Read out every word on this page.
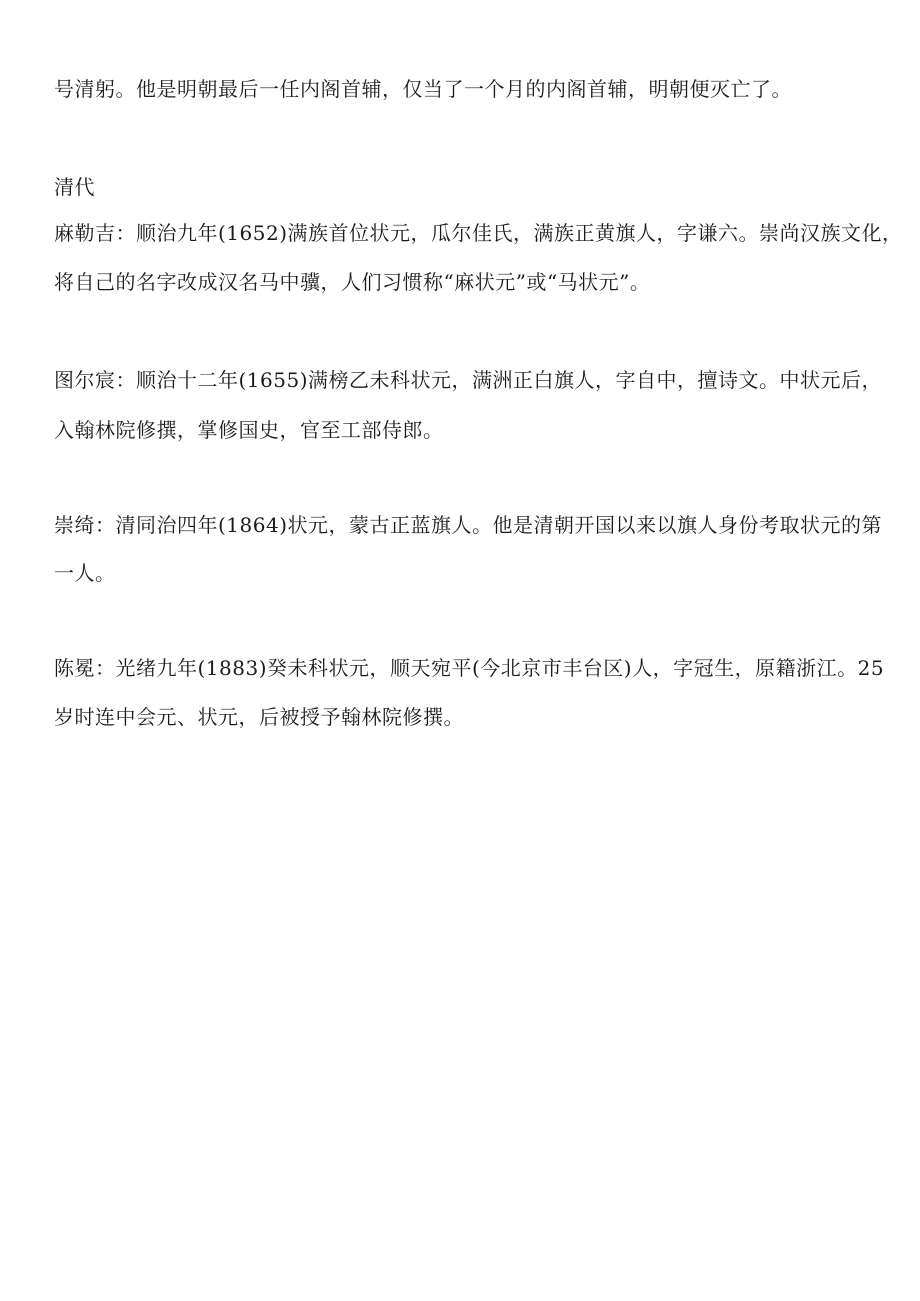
号清躬。他是明朝最后一任内阁首辅，仅当了一个月的内阁首辅，明朝便灭亡了。
清代
麻勒吉：顺治九年(1652)满族首位状元，瓜尔佳氏，满族正黄旗人，字谦六。崇尚汉族文化，
将自己的名字改成汉名马中骥，人们习惯称“麻状元”或“马状元”。
图尔宸：顺治十二年(1655)满榜乙未科状元，满洲正白旗人，字自中，擅诗文。中状元后，
入翰林院修撰，掌修国史，官至工部侍郎。
崇绮：清同治四年(1864)状元，蒙古正蓝旗人。他是清朝开国以来以旗人身份考取状元的第
一人。
陈冕：光绪九年(1883)癸未科状元，顺天宛平(今北京市丰台区)人，字冠生，原籍浙江。25
岁时连中会元、状元，后被授予翰林院修撰。
